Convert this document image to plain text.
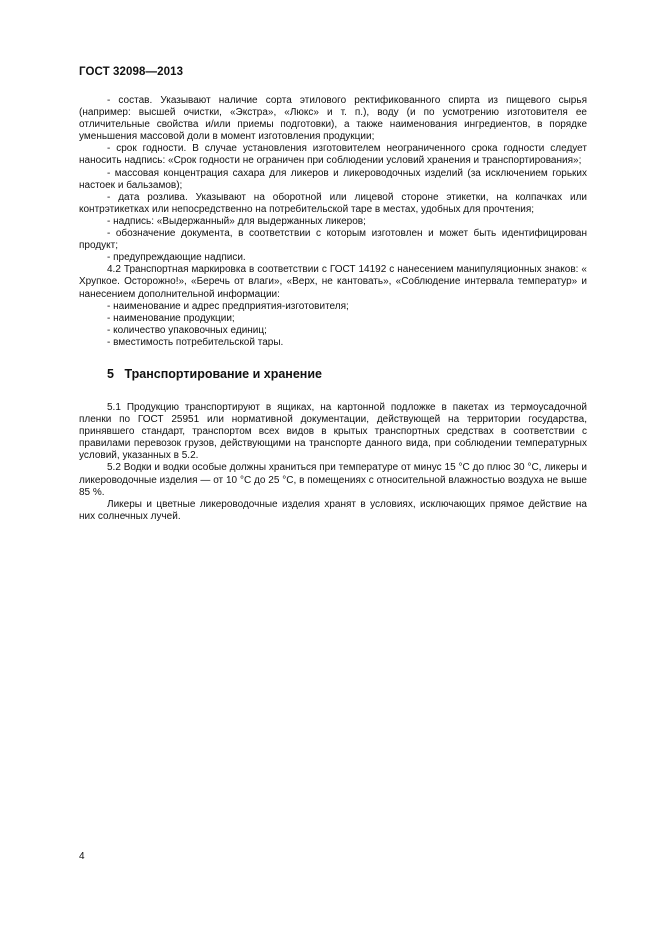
ГОСТ 32098—2013

- состав. Указывают наличие сорта этилового ректификованного спирта из пищевого сырья (например: высшей очистки, «Экстра», «Люкс» и т. п.), воду (и по усмотрению изготовителя ее отличительные свойства и/или приемы подготовки), а также наименования ингредиентов, в порядке уменьшения массовой доли в момент изготовления продукции;

- срок годности. В случае установления изготовителем неограниченного срока годности следует наносить надпись: «Срок годности не ограничен при соблюдении условий хранения и транспортирования»;

- массовая концентрация сахара для ликеров и ликероводочных изделий (за исключением горьких настоек и бальзамов);

- дата розлива. Указывают на оборотной или лицевой стороне этикетки, на колпачках или контрэтикетках или непосредственно на потребительской таре в местах, удобных для прочтения;

- надпись: «Выдержанный» для выдержанных ликеров;

- обозначение документа, в соответствии с которым изготовлен и может быть идентифицирован продукт;

- предупреждающие надписи.

4.2 Транспортная маркировка в соответствии с ГОСТ 14192 с нанесением манипуляционных знаков: « Хрупкое. Осторожно!», «Беречь от влаги», «Верх, не кантовать», «Соблюдение интервала температур» и нанесением дополнительной информации:

- наименование и адрес предприятия-изготовителя;

- наименование продукции;

- количество упаковочных единиц;

- вместимость потребительской тары.

5 Транспортирование и хранение

5.1 Продукцию транспортируют в ящиках, на картонной подложке в пакетах из термоусадочной пленки по ГОСТ 25951 или нормативной документации, действующей на территории государства, принявшего стандарт, транспортом всех видов в крытых транспортных средствах в соответствии с правилами перевозок грузов, действующими на транспорте данного вида, при соблюдении температурных условий, указанных в 5.2.

5.2 Водки и водки особые должны храниться при температуре от минус 15 °С до плюс 30 °С, ликеры и ликероводочные изделия — от 10 °С до 25 °С, в помещениях с относительной влажностью воздуха не выше 85 %.

Ликеры и цветные ликероводочные изделия хранят в условиях, исключающих прямое действие на них солнечных лучей.

4
